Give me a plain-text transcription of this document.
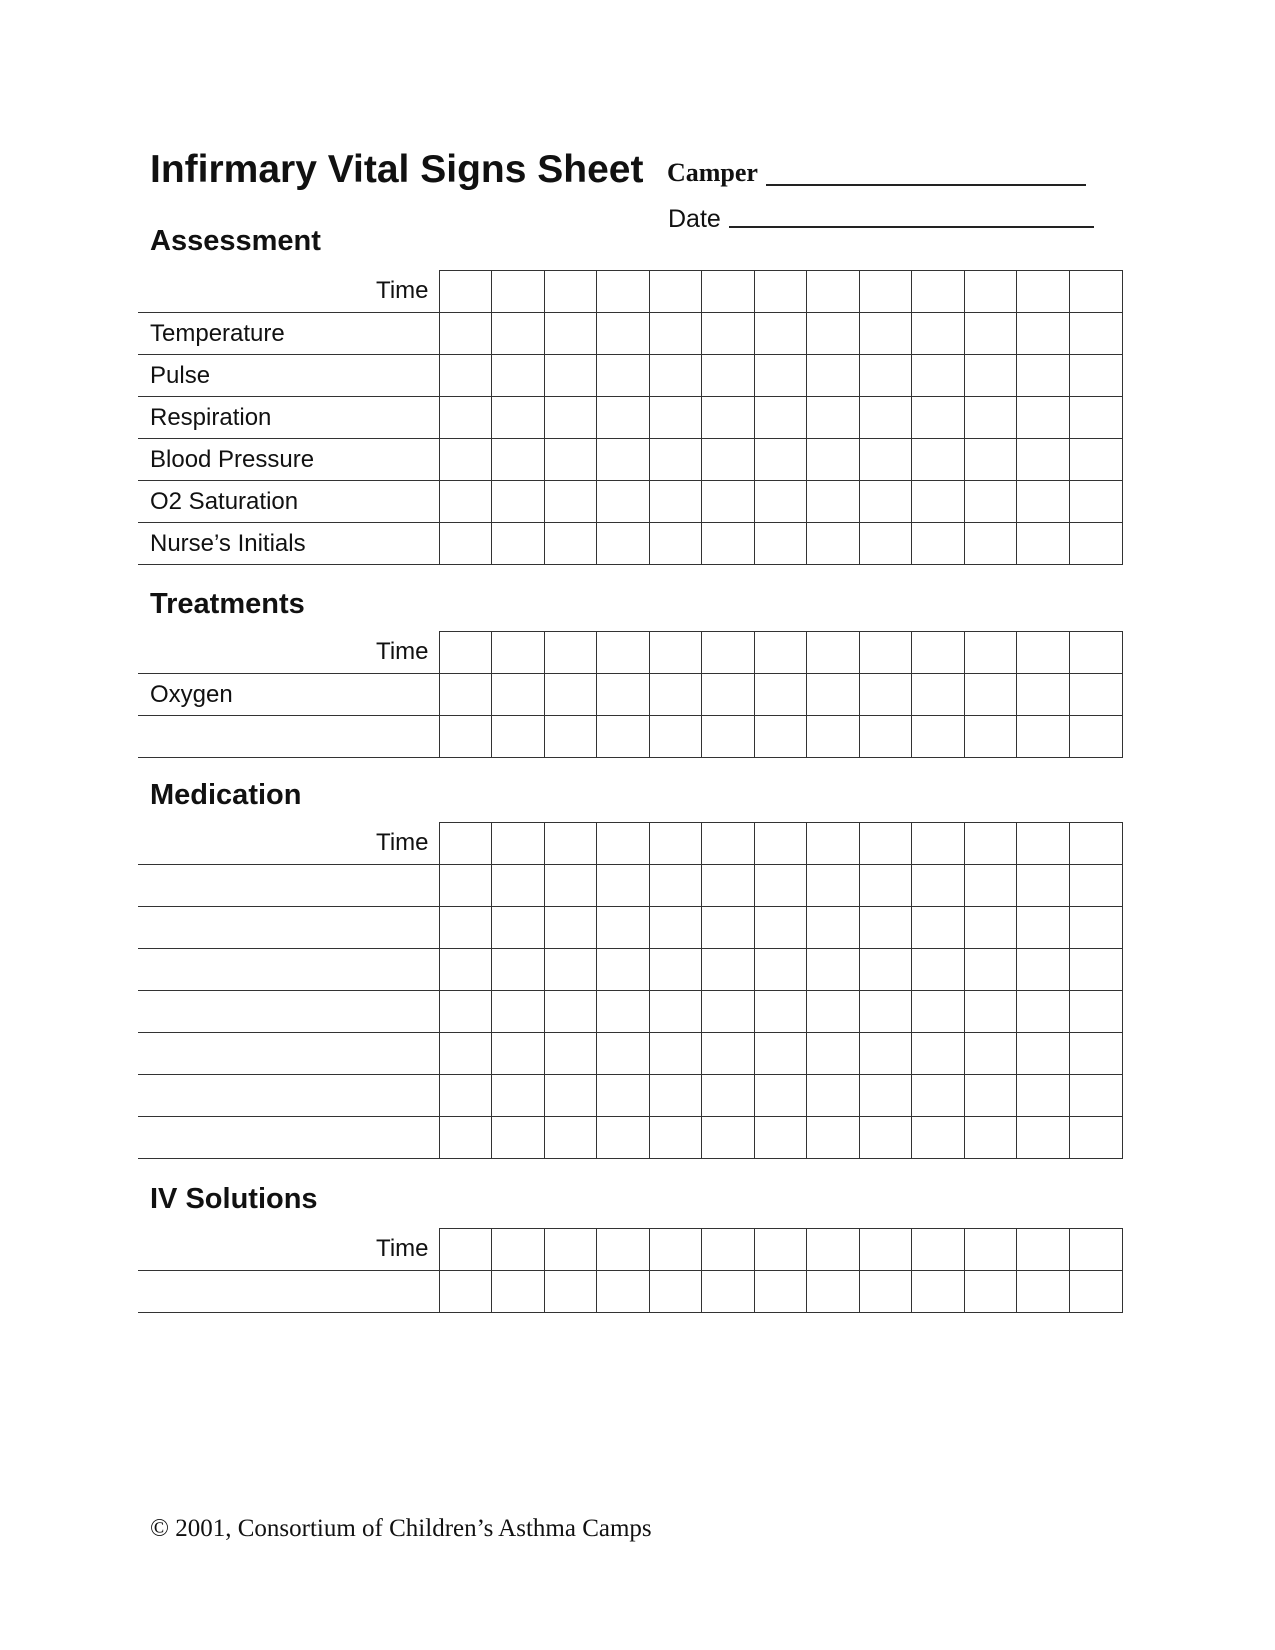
Infirmary Vital Signs Sheet Camper
Date
Assessment
Time
Temperature
Pulse
Respiration
Blood Pressure
O2 Saturation
Nurse’s Initials
Treatments
Time
Oxygen
Medication
Time
IV Solutions
Time

© 2001, Consortium of Children’s Asthma Camps
